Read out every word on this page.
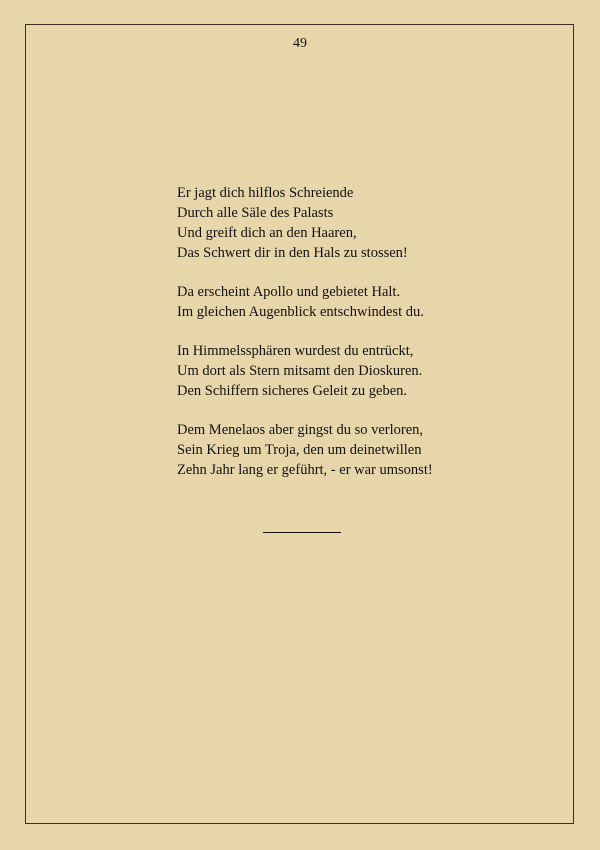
49
Er jagt dich hilflos Schreiende
Durch alle Säle des Palasts
Und greift dich an den Haaren,
Das Schwert dir in den Hals zu stossen!
Da erscheint Apollo und gebietet Halt.
Im gleichen Augenblick entschwindest du.
In Himmelssphären wurdest du entrückt,
Um dort als Stern mitsamt den Dioskuren.
Den Schiffern sicheres Geleit zu geben.
Dem Menelaos aber gingst du so verloren,
Sein Krieg um Troja, den um deinetwillen
Zehn Jahr lang er geführt, - er war umsonst!
